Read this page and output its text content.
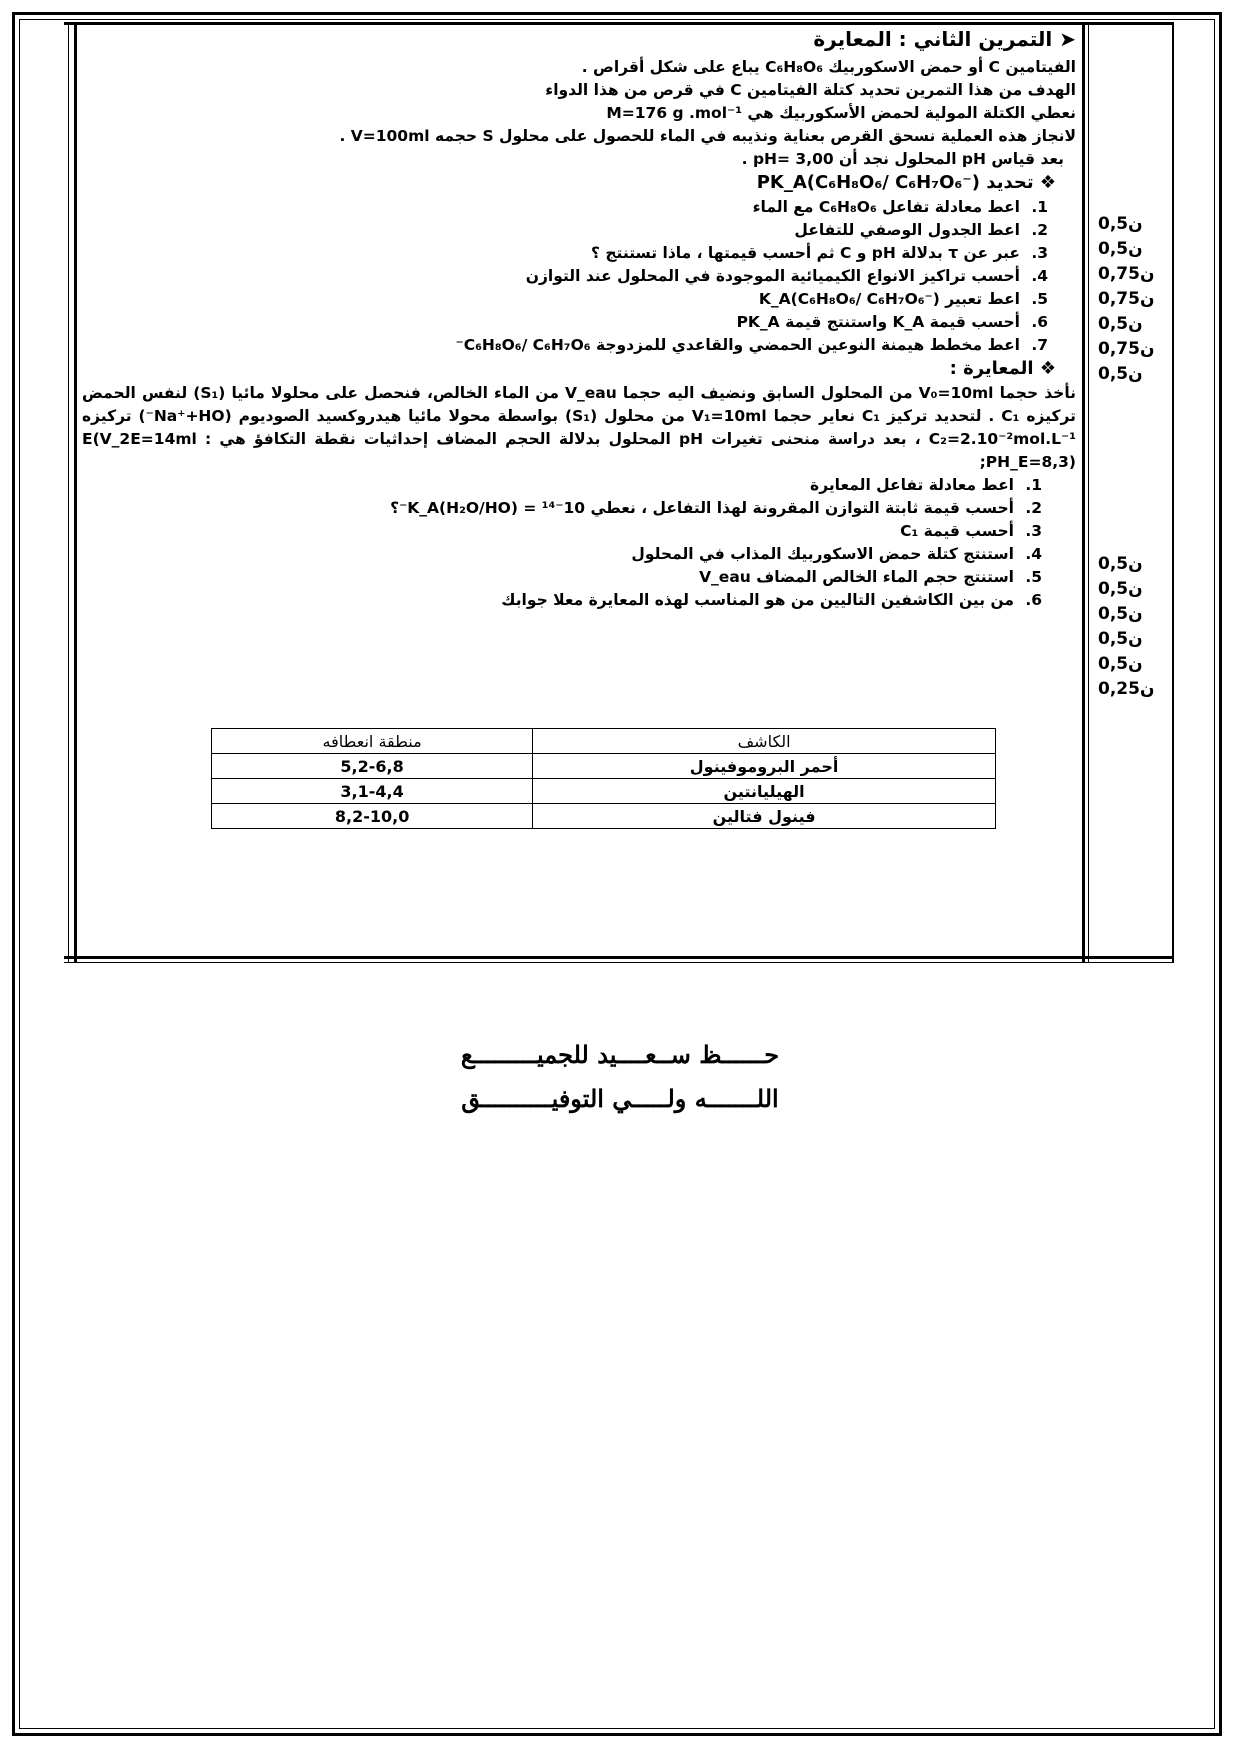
➤ التمرين الثاني : المعايرة
الفيتامين C أو حمض الاسكوربيك C₆H₈O₆ يباع على شكل أقراص .
الهدف من هذا التمرين تحديد كتلة الفيتامين C في قرص من هذا الدواء
نعطي الكتلة المولية لحمض الأسكوربيك هي M=176 g .mol⁻¹
لانجاز هذه العملية نسحق القرص بعناية ونذيبه في الماء للحصول على محلول S حجمه V=100ml .
بعد قياس pH المحلول نجد أن pH= 3,00 .
❖ تحديد PK_A(C₆H₈O₆/ C₆H₇O₆⁻)
1.اعط معادلة تفاعل C₆H₈O₆ مع الماء
2.اعط الجدول الوصفي للتفاعل
3.عبر عن τ بدلالة pH و C ثم أحسب قيمتها ، ماذا تستنتج ؟
4.أحسب تراكيز الانواع الكيميائية الموجودة في المحلول عند التوازن
5.اعط تعبير K_A(C₆H₈O₆/ C₆H₇O₆⁻)
6.أحسب قيمة K_A واستنتج قيمة PK_A
7.اعط مخطط هيمنة النوعين الحمضي والقاعدي للمزدوجة C₆H₈O₆/ C₆H₇O₆⁻
❖ المعايرة :
نأخذ حجما V₀=10ml من المحلول السابق ونضيف اليه حجما V_eau من الماء الخالص، فنحصل على محلولا مائيا (S₁) لنفس الحمض تركيزه C₁ . لتحديد تركيز C₁ نعاير حجما V₁=10ml من محلول (S₁) بواسطة محولا مائيا هيدروكسيد الصوديوم (Na⁺+HO⁻) تركيزه C₂=2.10⁻²mol.L⁻¹ ، بعد دراسة منحنى تغيرات pH المحلول بدلالة الحجم المضاف إحداثيات نقطة التكافؤ هي : E(V_2E=14ml ;PH_E=8,3)
1.اعط معادلة تفاعل المعايرة
2.أحسب قيمة ثابتة التوازن المقرونة لهذا التفاعل ، نعطي 10⁻¹⁴ = (K_A(H₂O/HO⁻؟
3.أحسب قيمة C₁
4.استنتج كتلة حمض الاسكوربيك المذاب في المحلول
5.استنتج حجم الماء الخالص المضاف V_eau
6.من بين الكاشفين التاليين من هو المناسب لهذه المعايرة معلا جوابك
الكاشف	منطقة انعطافه
أحمر البروموفينول	5,2-6,8
الهيليانتين	3,1-4,4
فينول فتالين	8,2-10,0
0,5ن
0,5ن
0,75ن
0,75ن
0,5ن
0,75ن
0,5ن
0,5ن
0,5ن
0,5ن
0,5ن
0,5ن
0,25ن
حــــــظ ســعــــيد للجميـــــــــع
اللـــــــه ولـــــي التوفيــــــــــق
